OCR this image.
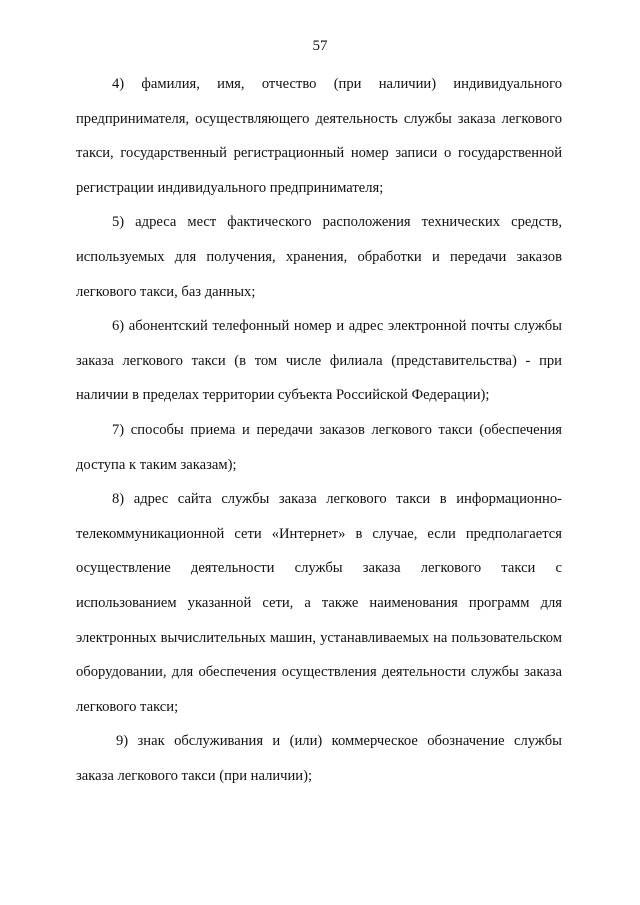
57

4) фамилия, имя, отчество (при наличии) индивидуального предпринимателя, осуществляющего деятельность службы заказа легкового такси, государственный регистрационный номер записи о государственной регистрации индивидуального предпринимателя;

5) адреса мест фактического расположения технических средств, используемых для получения, хранения, обработки и передачи заказов легкового такси, баз данных;

6) абонентский телефонный номер и адрес электронной почты службы заказа легкового такси (в том числе филиала (представительства) - при наличии в пределах территории субъекта Российской Федерации);

7) способы приема и передачи заказов легкового такси (обеспечения доступа к таким заказам);

8) адрес сайта службы заказа легкового такси в информационно-телекоммуникационной сети «Интернет» в случае, если предполагается осуществление деятельности службы заказа легкового такси с использованием указанной сети, а также наименования программ для электронных вычислительных машин, устанавливаемых на пользовательском оборудовании, для обеспечения осуществления деятельности службы заказа легкового такси;

9) знак обслуживания и (или) коммерческое обозначение службы заказа легкового такси (при наличии);
